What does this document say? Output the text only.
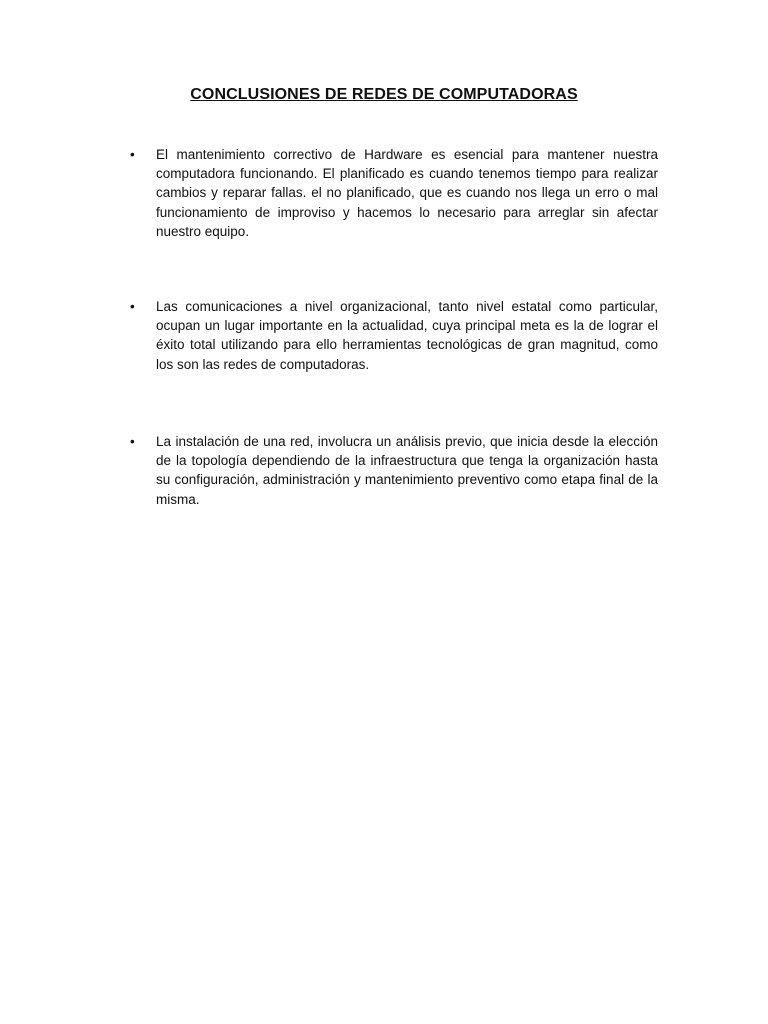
CONCLUSIONES DE REDES DE COMPUTADORAS
•	El mantenimiento correctivo de Hardware es esencial para mantener nuestra computadora funcionando. El planificado es cuando tenemos tiempo para realizar cambios y reparar fallas. el no planificado, que es cuando nos llega un erro o mal funcionamiento de improviso y hacemos lo necesario para arreglar sin afectar nuestro equipo.
•	Las comunicaciones a nivel organizacional, tanto nivel estatal como particular, ocupan un lugar importante en la actualidad, cuya principal meta es la de lograr el éxito total utilizando para ello herramientas tecnológicas de gran magnitud, como los son las redes de computadoras.
•	La instalación de una red, involucra un análisis previo, que inicia desde la elección de la topología dependiendo de la infraestructura que tenga la organización hasta su configuración, administración y mantenimiento preventivo como etapa final de la misma.
